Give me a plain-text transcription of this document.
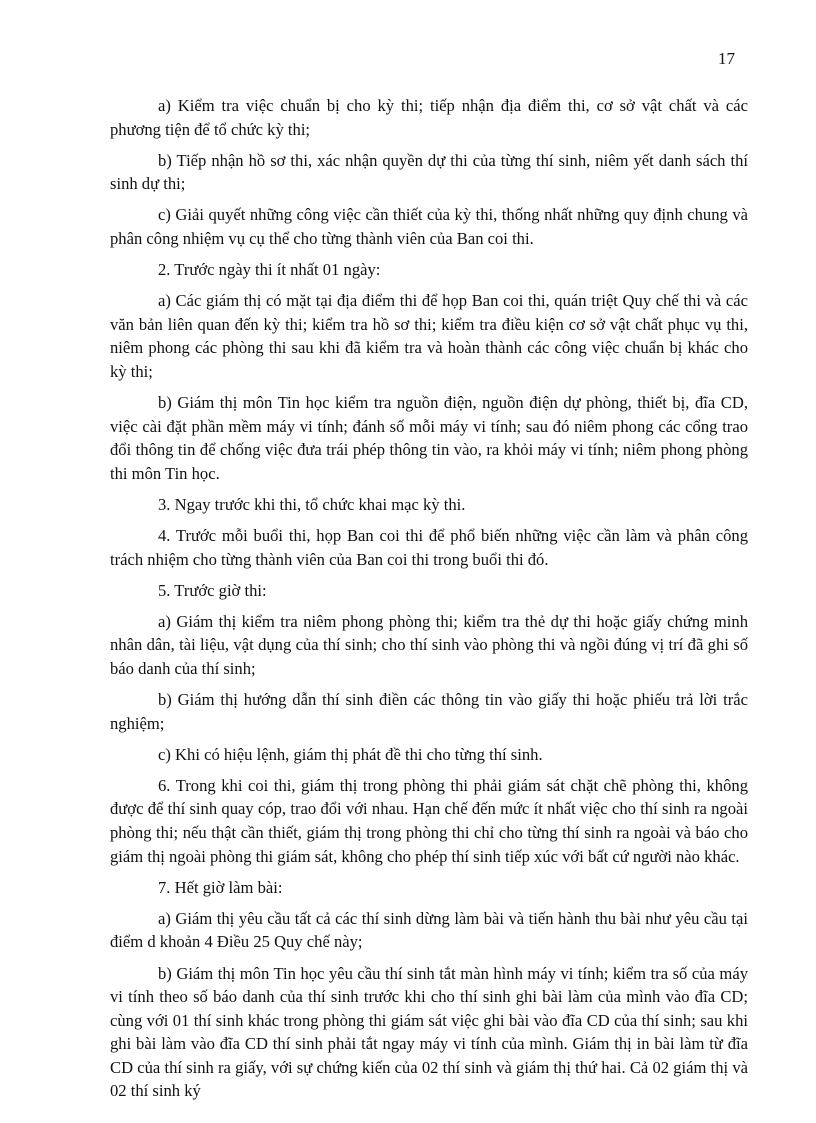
17

a) Kiểm tra việc chuẩn bị cho kỳ thi; tiếp nhận địa điểm thi, cơ sở vật chất và các phương tiện để tổ chức kỳ thi;

b) Tiếp nhận hồ sơ thi, xác nhận quyền dự thi của từng thí sinh, niêm yết danh sách thí sinh dự thi;

c) Giải quyết những công việc cần thiết của kỳ thi, thống nhất những quy định chung và phân công nhiệm vụ cụ thể cho từng thành viên của Ban coi thi.

2. Trước ngày thi ít nhất 01 ngày:

a) Các giám thị có mặt tại địa điểm thi để họp Ban coi thi, quán triệt Quy chế thi và các văn bản liên quan đến kỳ thi; kiểm tra hồ sơ thi; kiểm tra điều kiện cơ sở vật chất phục vụ thi, niêm phong các phòng thi sau khi đã kiểm tra và hoàn thành các công việc chuẩn bị khác cho kỳ thi;

b) Giám thị môn Tin học kiểm tra nguồn điện, nguồn điện dự phòng, thiết bị, đĩa CD, việc cài đặt phần mềm máy vi tính; đánh số mỗi máy vi tính; sau đó niêm phong các cổng trao đổi thông tin để chống việc đưa trái phép thông tin vào, ra khỏi máy vi tính; niêm phong phòng thi môn Tin học.

3. Ngay trước khi thi, tổ chức khai mạc kỳ thi.

4. Trước mỗi buổi thi, họp Ban coi thi để phổ biến những việc cần làm và phân công trách nhiệm cho từng thành viên của Ban coi thi trong buổi thi đó.

5. Trước giờ thi:

a) Giám thị kiểm tra niêm phong phòng thi; kiểm tra thẻ dự thi hoặc giấy chứng minh nhân dân, tài liệu, vật dụng của thí sinh; cho thí sinh vào phòng thi và ngồi đúng vị trí đã ghi số báo danh của thí sinh;

b) Giám thị hướng dẫn thí sinh điền các thông tin vào giấy thi hoặc phiếu trả lời trắc nghiệm;

c) Khi có hiệu lệnh, giám thị phát đề thi cho từng thí sinh.

6. Trong khi coi thi, giám thị trong phòng thi phải giám sát chặt chẽ phòng thi, không được để thí sinh quay cóp, trao đổi với nhau. Hạn chế đến mức ít nhất việc cho thí sinh ra ngoài phòng thi; nếu thật cần thiết, giám thị trong phòng thi chỉ cho từng thí sinh ra ngoài và báo cho giám thị ngoài phòng thi giám sát, không cho phép thí sinh tiếp xúc với bất cứ người nào khác.

7. Hết giờ làm bài:

a) Giám thị yêu cầu tất cả các thí sinh dừng làm bài và tiến hành thu bài như yêu cầu tại điểm d khoản 4 Điều 25 Quy chế này;

b) Giám thị môn Tin học yêu cầu thí sinh tắt màn hình máy vi tính; kiểm tra số của máy vi tính theo số báo danh của thí sinh trước khi cho thí sinh ghi bài làm của mình vào đĩa CD; cùng với 01 thí sinh khác trong phòng thi giám sát việc ghi bài vào đĩa CD của thí sinh; sau khi ghi bài làm vào đĩa CD thí sinh phải tắt ngay máy vi tính của mình. Giám thị in bài làm từ đĩa CD của thí sinh ra giấy, với sự chứng kiến của 02 thí sinh và giám thị thứ hai. Cả 02 giám thị và 02 thí sinh ký
